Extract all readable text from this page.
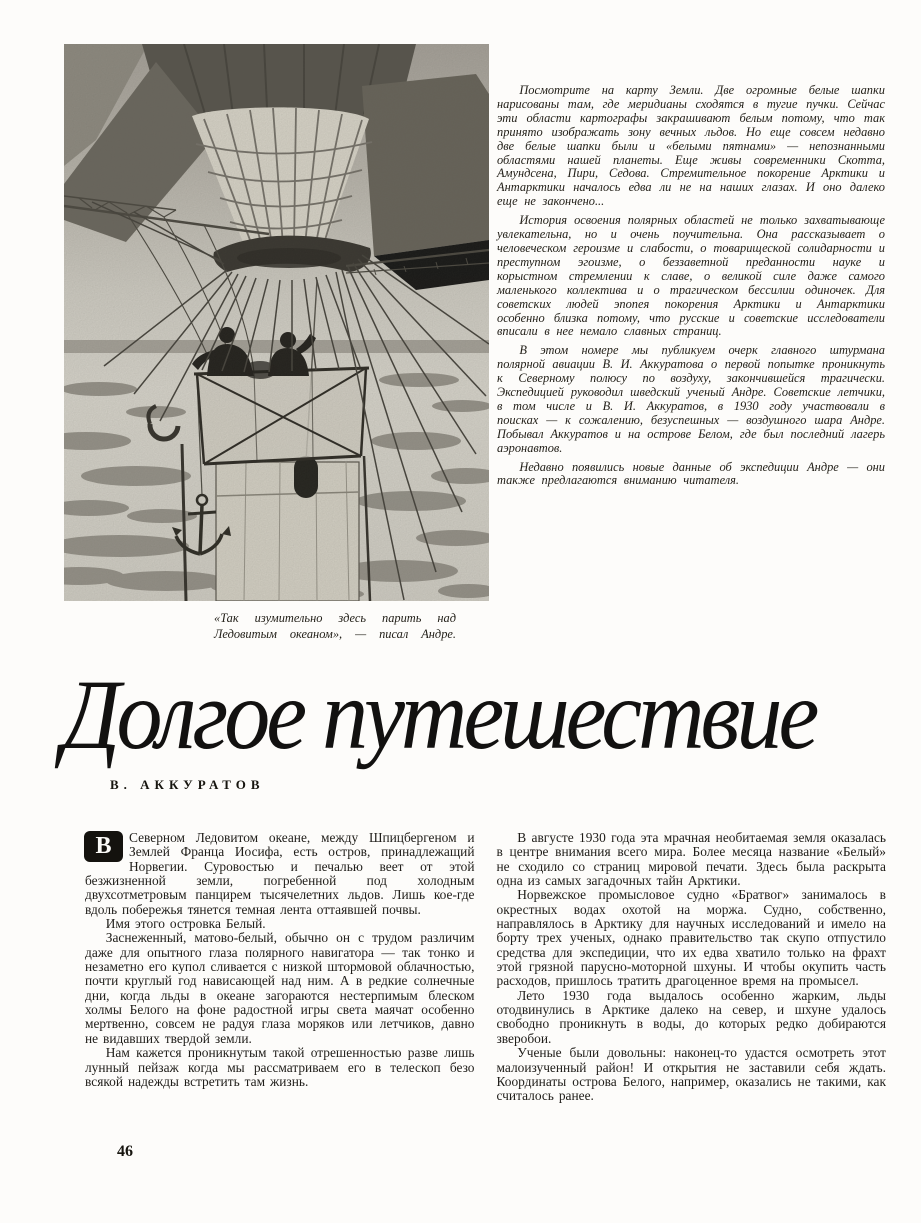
Посмотрите на карту Земли. Две огромные белые шапки нарисованы там, где меридианы сходятся в тугие пучки. Сейчас эти области картографы закрашивают белым потому, что так принято изображать зону вечных льдов. Но еще совсем недавно две белые шапки были и «белыми пятнами» — непознанными областями нашей планеты. Еще живы современники Скотта, Амундсена, Пири, Седова. Стремительное покорение Арктики и Антарктики началось едва ли не на наших глазах. И оно далеко еще не закончено...

История освоения полярных областей не только захватывающе увлекательна, но и очень поучительна. Она рассказывает о человеческом героизме и слабости, о товарищеской солидарности и преступном эгоизме, о беззаветной преданности науке и корыстном стремлении к славе, о великой силе даже самого маленького коллектива и о трагическом бессилии одиночек. Для советских людей эпопея покорения Арктики и Антарктики особенно близка потому, что русские и советские исследователи вписали в нее немало славных страниц.

В этом номере мы публикуем очерк главного штурмана полярной авиации В. И. Аккуратова о первой попытке проникнуть к Северному полюсу по воздуху, закончившейся трагически. Экспедицией руководил шведский ученый Андре. Советские летчики, в том числе и В. И. Аккуратов, в 1930 году участвовали в поисках — к сожалению, безуспешных — воздушного шара Андре. Побывал Аккуратов и на острове Белом, где был последний лагерь аэронавтов.

Недавно появились новые данные об экспедиции Андре — они также предлагаются вниманию читателя.

«Так изумительно здесь парить над Ледовитым океаном», — писал Андре.
Долгое путешествие
В. АККУРАТОВ

В	Северном Ледовитом океане, между Шпицбергеном и Землей Франца Иосифа, есть остров, принадлежащий Норвегии. Суровостью и печалью веет от этой безжизненной земли, погребенной под холодным двухсотметровым панцирем тысячелетних льдов. Лишь кое-где вдоль побережья тянется темная лента оттаявшей почвы.

Имя этого островка Белый.

Заснеженный, матово-белый, обычно он с трудом различим даже для опытного глаза полярного навигатора — так тонко и незаметно его купол сливается с низкой штормовой облачностью, почти круглый год нависающей над ним. А в редкие солнечные дни, когда льды в океане загораются нестерпимым блеском холмы Белого на фоне радостной игры света маячат особенно мертвенно, совсем не радуя глаза моряков или летчиков, давно не видавших твердой земли.

Нам кажется проникнутым такой отрешенностью разве лишь лунный пейзаж когда мы рассматриваем его в телескоп безо всякой надежды встретить там жизнь.

В августе 1930 года эта мрачная необитаемая земля оказалась в центре внимания всего мира. Более месяца название «Белый» не сходило со страниц мировой печати. Здесь была раскрыта одна из самых загадочных тайн Арктики.

Норвежское промысловое судно «Братвог» занималось в окрестных водах охотой на моржа. Судно, собственно, направлялось в Арктику для научных исследований и имело на борту трех ученых, однако правительство так скупо отпустило средства для экспедиции, что их едва хватило только на фрахт этой грязной парусно-моторной шхуны. И чтобы окупить часть расходов, пришлось тратить драгоценное время на промысел.

Лето 1930 года выдалось особенно жарким, льды отодвинулись в Арктике далеко на север, и шхуне удалось свободно проникнуть в воды, до которых редко добираются зверобои.

Ученые были довольны: наконец-то удастся осмотреть этот малоизученный район! И открытия не заставили себя ждать. Координаты острова Белого, например, оказались не такими, как считалось ранее.

46
